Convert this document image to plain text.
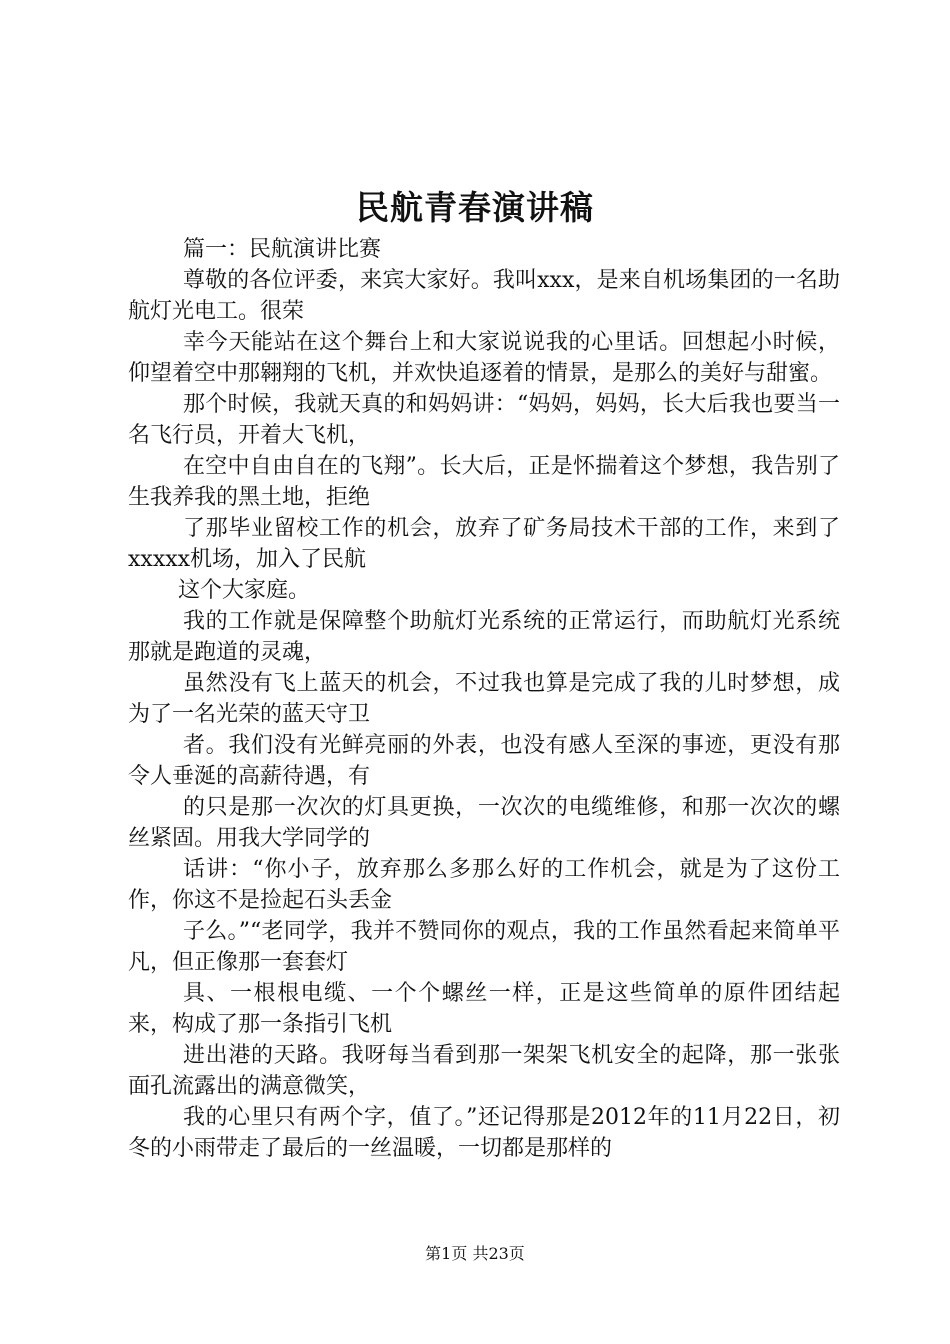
民航青春演讲稿

篇一：民航演讲比赛

尊敬的各位评委，来宾大家好。我叫xxx，是来自机场集团的一名助航灯光电工。很荣

幸今天能站在这个舞台上和大家说说我的心里话。回想起小时候，仰望着空中那翱翔的飞机，并欢快追逐着的情景，是那么的美好与甜蜜。

那个时候，我就天真的和妈妈讲：“妈妈，妈妈，长大后我也要当一名飞行员，开着大飞机，

在空中自由自在的飞翔”。长大后，正是怀揣着这个梦想，我告别了生我养我的黑土地，拒绝

了那毕业留校工作的机会，放弃了矿务局技术干部的工作，来到了xxxxx机场，加入了民航

这个大家庭。

我的工作就是保障整个助航灯光系统的正常运行，而助航灯光系统那就是跑道的灵魂，

虽然没有飞上蓝天的机会，不过我也算是完成了我的儿时梦想，成为了一名光荣的蓝天守卫

者。我们没有光鲜亮丽的外表，也没有感人至深的事迹，更没有那令人垂涎的高薪待遇，有

的只是那一次次的灯具更换，一次次的电缆维修，和那一次次的螺丝紧固。用我大学同学的

话讲：“你小子，放弃那么多那么好的工作机会，就是为了这份工作，你这不是捡起石头丢金

子么。”“老同学，我并不赞同你的观点，我的工作虽然看起来简单平凡，但正像那一套套灯

具、一根根电缆、一个个螺丝一样，正是这些简单的原件团结起来，构成了那一条指引飞机

进出港的天路。我呀每当看到那一架架飞机安全的起降，那一张张面孔流露出的满意微笑，

我的心里只有两个字，值了。”还记得那是2012年的11月22日，初冬的小雨带走了最后的一丝温暖，一切都是那样的

第1页 共23页
